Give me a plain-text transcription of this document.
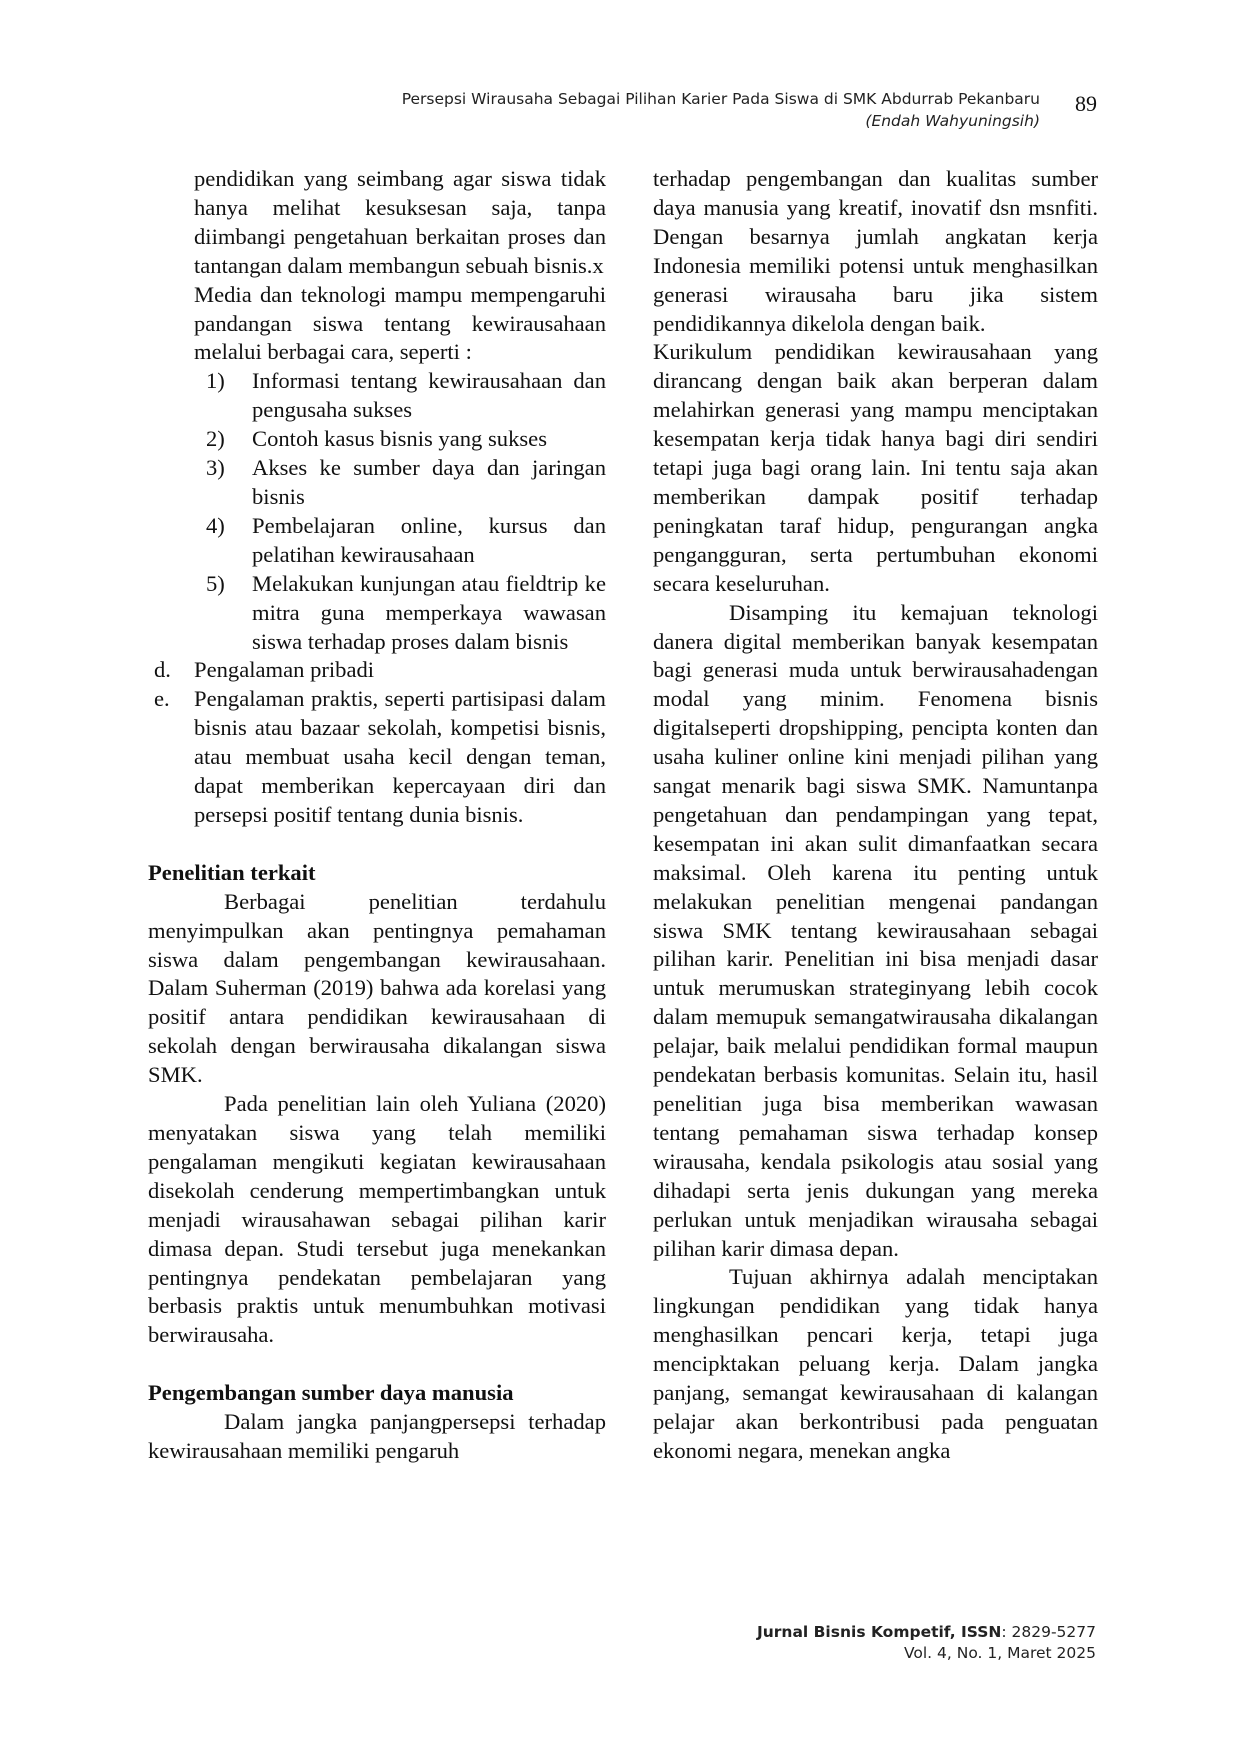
Persepsi Wirausaha Sebagai Pilihan Karier Pada Siswa di SMK Abdurrab Pekanbaru
(Endah Wahyuningsih)
89

pendidikan yang seimbang agar siswa tidak hanya melihat kesuksesan saja, tanpa diimbangi pengetahuan berkaitan proses dan tantangan dalam membangun sebuah bisnis.x

Media dan teknologi mampu mempengaruhi pandangan siswa tentang kewirausahaan melalui berbagai cara, seperti :

1) Informasi tentang kewirausahaan dan pengusaha sukses
2) Contoh kasus bisnis yang sukses
3) Akses ke sumber daya dan jaringan bisnis
4) Pembelajaran online, kursus dan pelatihan kewirausahaan
5) Melakukan kunjungan atau fieldtrip ke mitra guna memperkaya wawasan siswa terhadap proses dalam bisnis
d. Pengalaman pribadi
e. Pengalaman praktis, seperti partisipasi dalam bisnis atau bazaar sekolah, kompetisi bisnis, atau membuat usaha kecil dengan teman, dapat memberikan kepercayaan diri dan persepsi positif tentang dunia bisnis.

Penelitian terkait

Berbagai penelitian terdahulu menyimpulkan akan pentingnya pemahaman siswa dalam pengembangan kewirausahaan. Dalam Suherman (2019) bahwa ada korelasi yang positif antara pendidikan kewirausahaan di sekolah dengan berwirausaha dikalangan siswa SMK.

Pada penelitian lain oleh Yuliana (2020) menyatakan siswa yang telah memiliki pengalaman mengikuti kegiatan kewirausahaan disekolah cenderung mempertimbangkan untuk menjadi wirausahawan sebagai pilihan karir dimasa depan. Studi tersebut juga menekankan pentingnya pendekatan pembelajaran yang berbasis praktis untuk menumbuhkan motivasi berwirausaha.

Pengembangan sumber daya manusia

Dalam jangka panjangpersepsi terhadap kewirausahaan memiliki pengaruh

terhadap pengembangan dan kualitas sumber daya manusia yang kreatif, inovatif dsn msnfiti. Dengan besarnya jumlah angkatan kerja Indonesia memiliki potensi untuk menghasilkan generasi wirausaha baru jika sistem pendidikannya dikelola dengan baik.

Kurikulum pendidikan kewirausahaan yang dirancang dengan baik akan berperan dalam melahirkan generasi yang mampu menciptakan kesempatan kerja tidak hanya bagi diri sendiri tetapi juga bagi orang lain. Ini tentu saja akan memberikan dampak positif terhadap peningkatan taraf hidup, pengurangan angka pengangguran, serta pertumbuhan ekonomi secara keseluruhan.

Disamping itu kemajuan teknologi danera digital memberikan banyak kesempatan bagi generasi muda untuk berwirausahadengan modal yang minim. Fenomena bisnis digitalseperti dropshipping, pencipta konten dan usaha kuliner online kini menjadi pilihan yang sangat menarik bagi siswa SMK. Namuntanpa pengetahuan dan pendampingan yang tepat, kesempatan ini akan sulit dimanfaatkan secara maksimal. Oleh karena itu penting untuk melakukan penelitian mengenai pandangan siswa SMK tentang kewirausahaan sebagai pilihan karir. Penelitian ini bisa menjadi dasar untuk merumuskan strateginyang lebih cocok dalam memupuk semangatwirausaha dikalangan pelajar, baik melalui pendidikan formal maupun pendekatan berbasis komunitas. Selain itu, hasil penelitian juga bisa memberikan wawasan tentang pemahaman siswa terhadap konsep wirausaha, kendala psikologis atau sosial yang dihadapi serta jenis dukungan yang mereka perlukan untuk menjadikan wirausaha sebagai pilihan karir dimasa depan.

Tujuan akhirnya adalah menciptakan lingkungan pendidikan yang tidak hanya menghasilkan pencari kerja, tetapi juga mencipktakan peluang kerja. Dalam jangka panjang, semangat kewirausahaan di kalangan pelajar akan berkontribusi pada penguatan ekonomi negara, menekan angka

Jurnal Bisnis Kompetif, ISSN: 2829-5277
Vol. 4, No. 1, Maret 2025
